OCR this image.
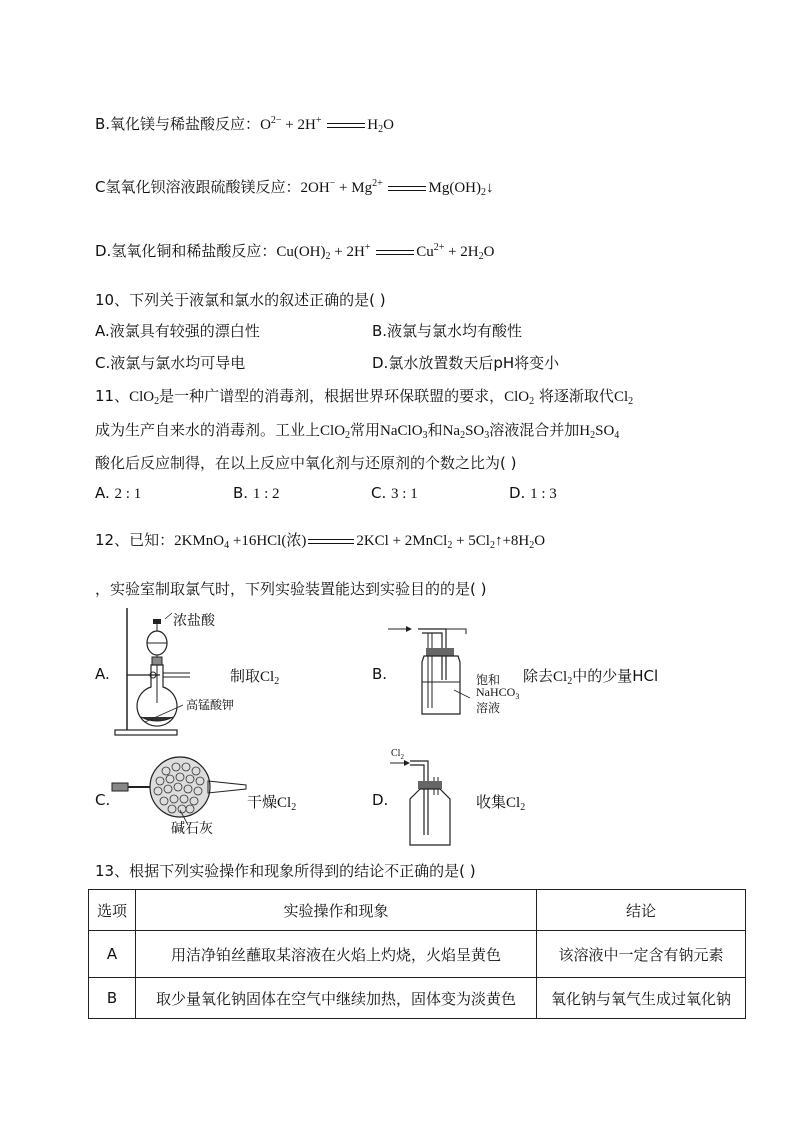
B.氧化镁与稀盐酸反应：$O^{2-} + 2H^+$	$H_2O$
C氢氧化钡溶液跟硫酸镁反应：$2OH^- + Mg^{2+}$	$Mg(OH)_2↓$
D.氢氧化铜和稀盐酸反应：$Cu(OH)_2 + 2H^+$	$Cu^{2+} + 2H_2O$
10、下列关于液氯和氯水的叙述正确的是( )
A.液氯具有较强的漂白性	B.液氯与氯水均有酸性
C.液氯与氯水均可导电	D.氯水放置数天后pH将变小
11、ClO$_2$是一种广谱型的消毒剂，根据世界环保联盟的要求，ClO$_2$ 将逐渐取代$Cl_2$
成为生产自来水的消毒剂。工业上ClO$_2$常用NaClO$_3$和$Na_2SO_3$溶液混合并加$H_2SO_4$
酸化后反应制得，在以上反应中氧化剂与还原剂的个数之比为( )
A. 2 : 1	B. 1 : 2	C. 3 : 1	D. 1 : 3
12、已知：2KMnO$_4$ +16HCl(浓)	2KCl + 2MnCl$_2$ + $5Cl_2↑+8H_2O$
，实验室制取氯气时，下列实验装置能达到实验目的的是( )
A.
浓盐酸
高锰酸钾
制取$Cl_2$	B.	饱和
NaHCO$_3$
溶液
除去$Cl_2$中的少量HCl
C.
碱石灰
干燥$Cl_2$	D.
$Cl_2$
收集$Cl_2$
13、根据下列实验操作和现象所得到的结论不正确的是( )
选项	实验操作和现象	结论
A	用洁净铂丝蘸取某溶液在火焰上灼烧，火焰呈黄色	该溶液中一定含有钠元素
B	取少量氧化钠固体在空气中继续加热，固体变为淡黄色	氧化钠与氧气生成过氧化钠
